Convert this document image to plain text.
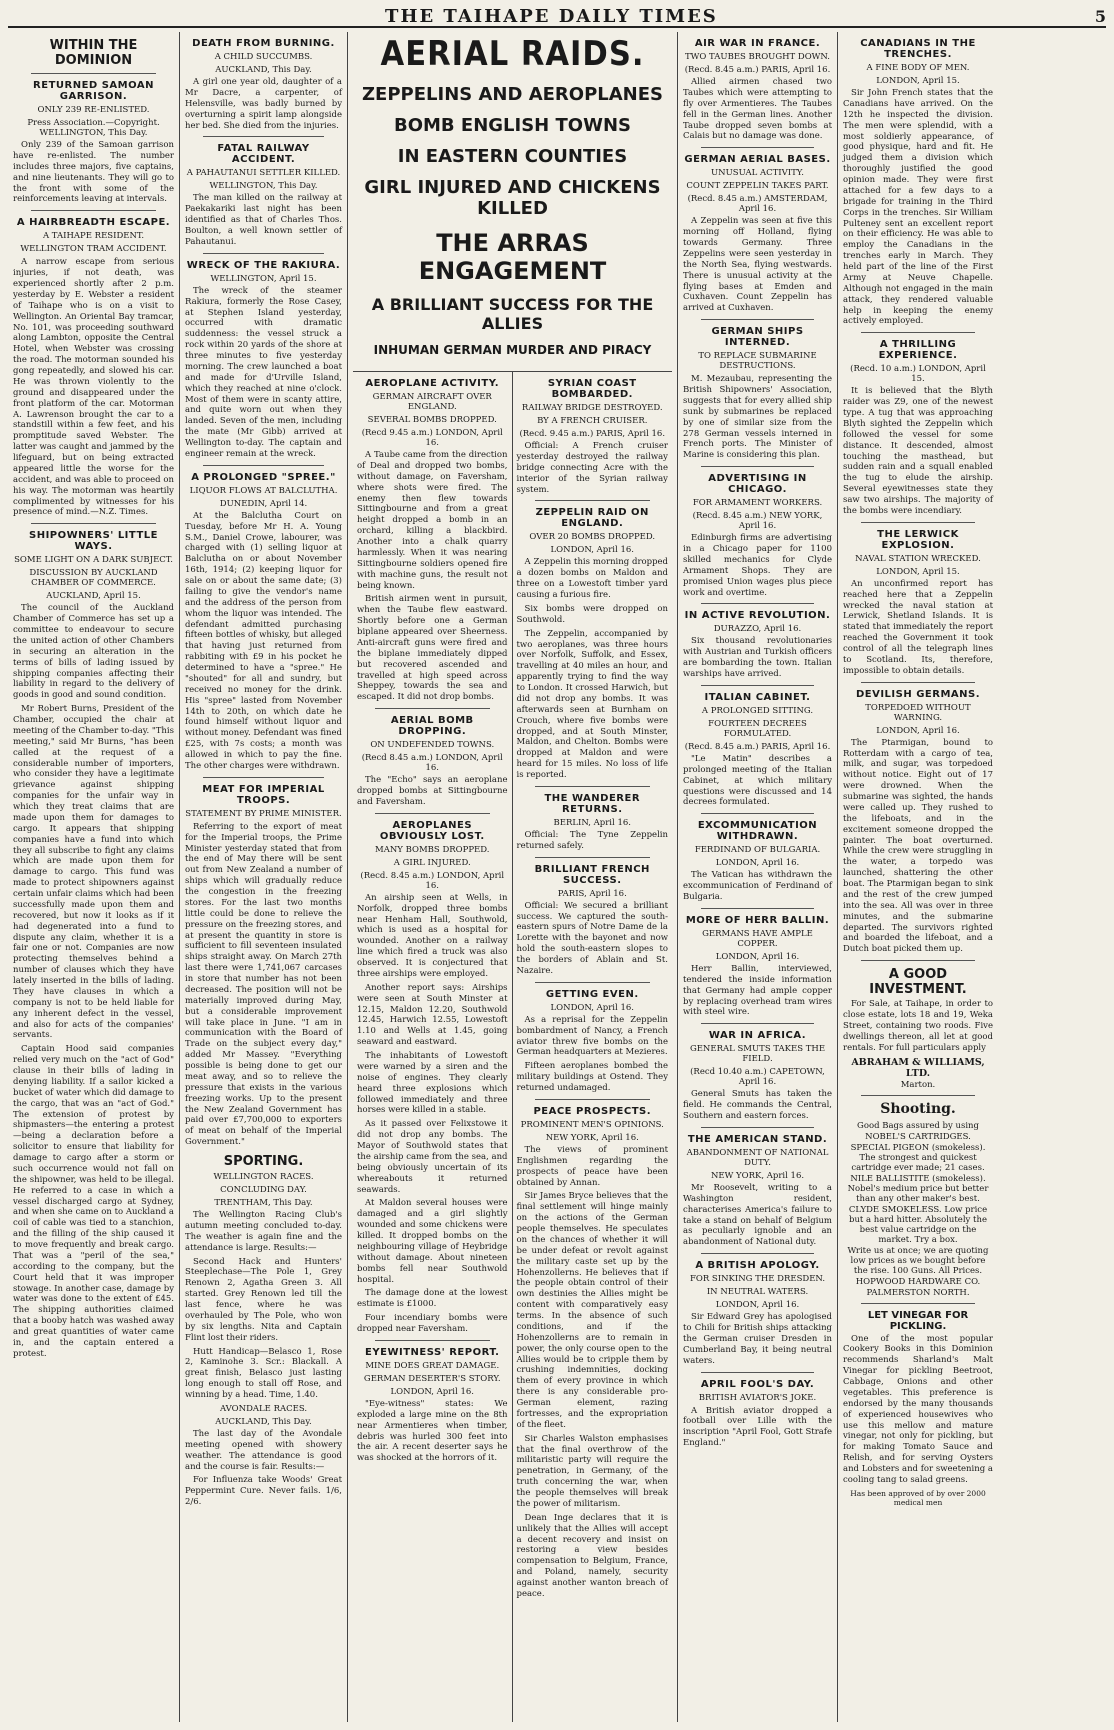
THE TAIHAPE DAILY TIMES	5
WITHIN THE DOMINION
RETURNED SAMOAN GARRISON.
ONLY 239 RE-ENLISTED.
Press Association.—Copyright. WELLINGTON, This Day.

Only 239 of the Samoan garrison have re-enlisted. The number includes three majors, five captains, and nine lieutenants. They will go to the front with some of the reinforcements leaving at intervals.

A HAIRBREADTH ESCAPE.
A TAIHAPE RESIDENT.
WELLINGTON TRAM ACCIDENT.

A narrow escape from serious injuries, if not death, was experienced shortly after 2 p.m. yesterday by E. Webster a resident of Taihape who is on a visit to Wellington. An Oriental Bay tramcar, No. 101, was proceeding southward along Lambton, opposite the Central Hotel, when Webster was crossing the road. The motorman sounded his gong repeatedly, and slowed his car. He was thrown violently to the ground and disappeared under the front platform of the car. Motorman A. Lawrenson brought the car to a standstill within a few feet, and his promptitude saved Webster. The latter was caught and jammed by the lifeguard, but on being extracted appeared little the worse for the accident, and was able to proceed on his way. The motorman was heartily complimented by witnesses for his presence of mind.—N.Z. Times.

SHIPOWNERS' LITTLE WAYS.
SOME LIGHT ON A DARK SUBJECT.
DISCUSSION BY AUCKLAND CHAMBER OF COMMERCE.
AUCKLAND, April 15.

The council of the Auckland Chamber of Commerce has set up a committee to endeavour to secure the united action of other Chambers in securing an alteration in the terms of bills of lading issued by shipping companies affecting their liability in regard to the delivery of goods in good and sound condition.

Mr Robert Burns, President of the Chamber, occupied the chair at meeting of the Chamber to-day. "This meeting," said Mr Burns, "has been called at the request of a considerable number of importers, who consider they have a legitimate grievance against shipping companies for the unfair way in which they treat claims that are made upon them for damages to cargo. It appears that shipping companies have a fund into which they all subscribe to fight any claims which are made upon them for damage to cargo. This fund was made to protect shipowners against certain unfair claims which had been successfully made upon them and recovered, but now it looks as if it had degenerated into a fund to dispute any claim, whether it is a fair one or not. Companies are now protecting themselves behind a number of clauses which they have lately inserted in the bills of lading. They have clauses in which a company is not to be held liable for any inherent defect in the vessel, and also for acts of the companies' servants.

Captain Hood said companies relied very much on the "act of God" clause in their bills of lading in denying liability. If a sailor kicked a bucket of water which did damage to the cargo, that was an "act of God." The extension of protest by shipmasters—the entering a protest—being a declaration before a solicitor to ensure that liability for damage to cargo after a storm or such occurrence would not fall on the shipowner, was held to be illegal. He referred to a case in which a vessel discharged cargo at Sydney, and when she came on to Auckland a coil of cable was tied to a stanchion, and the filling of the ship caused it to move frequently and break cargo. That was a "peril of the sea," according to the company, but the Court held that it was improper stowage. In another case, damage by water was done to the extent of £45. The shipping authorities claimed that a booby hatch was washed away and great quantities of water came in, and the captain entered a protest.

DEATH FROM BURNING.
A CHILD SUCCUMBS.
AUCKLAND, This Day.

A girl one year old, daughter of a Mr Dacre, a carpenter, of Helensville, was badly burned by overturning a spirit lamp alongside her bed. She died from the injuries.

FATAL RAILWAY ACCIDENT.
A PAHAUTANUI SETTLER KILLED.
WELLINGTON, This Day.

The man killed on the railway at Paekakariki last night has been identified as that of Charles Thos. Boulton, a well known settler of Pahautanui.

WRECK OF THE RAKIURA.
WELLINGTON, April 15.

The wreck of the steamer Rakiura, formerly the Rose Casey, at Stephen Island yesterday, occurred with dramatic suddenness: the vessel struck a rock within 20 yards of the shore at three minutes to five yesterday morning. The crew launched a boat and made for d'Urville Island, which they reached at nine o'clock. Most of them were in scanty attire, and quite worn out when they landed. Seven of the men, including the mate (Mr Gibb) arrived at Wellington to-day. The captain and engineer remain at the wreck.

A PROLONGED "SPREE."
LIQUOR FLOWS AT BALCLUTHA.
DUNEDIN, April 14.

At the Balclutha Court on Tuesday, before Mr H. A. Young S.M., Daniel Crowe, labourer, was charged with (1) selling liquor at Balclutha on or about November 16th, 1914; (2) keeping liquor for sale on or about the same date; (3) failing to give the vendor's name and the address of the person from whom the liquor was intended. The defendant admitted purchasing fifteen bottles of whisky, but alleged that having just returned from rabbiting with £9 in his pocket he determined to have a "spree." He "shouted" for all and sundry, but received no money for the drink. His "spree" lasted from November 14th to 20th, on which date he found himself without liquor and without money. Defendant was fined £25, with 7s costs; a month was allowed in which to pay the fine. The other charges were withdrawn.

MEAT FOR IMPERIAL TROOPS.
STATEMENT BY PRIME MINISTER.

Referring to the export of meat for the Imperial troops, the Prime Minister yesterday stated that from the end of May there will be sent out from New Zealand a number of ships which will gradually reduce the congestion in the freezing stores. For the last two months little could be done to relieve the pressure on the freezing stores, and at present the quantity in store is sufficient to fill seventeen insulated ships straight away. On March 27th last there were 1,741,067 carcases in store that number has not been decreased. The position will not be materially improved during May, but a considerable improvement will take place in June. "I am in communication with the Board of Trade on the subject every day," added Mr Massey. "Everything possible is being done to get our meat away, and so to relieve the pressure that exists in the various freezing works. Up to the present the New Zealand Government has paid over £7,700,000 to exporters of meat on behalf of the Imperial Government."

SPORTING.
WELLINGTON RACES.
CONCLUDING DAY.
TRENTHAM, This Day.

The Wellington Racing Club's autumn meeting concluded to-day. The weather is again fine and the attendance is large. Results:—

Second Hack and Hunters' Steeplechase—The Pole 1, Grey Renown 2, Agatha Green 3. All started. Grey Renown led till the last fence, where he was overhauled by The Pole, who won by six lengths. Nita and Captain Flint lost their riders.

Hutt Handicap—Belasco 1, Rose 2, Kaminohe 3. Scr.: Blackall. A great finish, Belasco just lasting long enough to stall off Rose, and winning by a head. Time, 1.40.

AVONDALE RACES.
AUCKLAND, This Day.

The last day of the Avondale meeting opened with showery weather. The attendance is good and the course is fair. Results:—

For Influenza take Woods' Great Peppermint Cure. Never fails. 1/6, 2/6.

AERIAL RAIDS.
ZEPPELINS AND AEROPLANES
BOMB ENGLISH TOWNS
IN EASTERN COUNTIES
GIRL INJURED AND CHICKENS KILLED
THE ARRAS ENGAGEMENT
A BRILLIANT SUCCESS FOR THE ALLIES
INHUMAN GERMAN MURDER AND PIRACY
AEROPLANE ACTIVITY.
GERMAN AIRCRAFT OVER ENGLAND.
SEVERAL BOMBS DROPPED.
(Recd 9.45 a.m.) LONDON, April 16.

A Taube came from the direction of Deal and dropped two bombs, without damage, on Faversham, where shots were fired. The enemy then flew towards Sittingbourne and from a great height dropped a bomb in an orchard, killing a blackbird. Another into a chalk quarry harmlessly. When it was nearing Sittingbourne soldiers opened fire with machine guns, the result not being known.

British airmen went in pursuit, when the Taube flew eastward. Shortly before one a German biplane appeared over Sheerness. Anti-aircraft guns were fired and the biplane immediately dipped but recovered ascended and travelled at high speed across Sheppey, towards the sea and escaped. It did not drop bombs.

AERIAL BOMB DROPPING.
ON UNDEFENDED TOWNS.
(Recd 8.45 a.m.) LONDON, April 16.

The "Echo" says an aeroplane dropped bombs at Sittingbourne and Faversham.

AEROPLANES OBVIOUSLY LOST.
MANY BOMBS DROPPED.
A GIRL INJURED.
(Recd. 8.45 a.m.) LONDON, April 16.

An airship seen at Wells, in Norfolk, dropped three bombs near Henham Hall, Southwold, which is used as a hospital for wounded. Another on a railway line which fired a truck was also observed. It is conjectured that three airships were employed.

Another report says: Airships were seen at South Minster at 12.15, Maldon 12.20, Southwold 12.45, Harwich 12.55, Lowestoft 1.10 and Wells at 1.45, going seaward and eastward.

The inhabitants of Lowestoft were warned by a siren and the noise of engines. They clearly heard three explosions which followed immediately and three horses were killed in a stable.

As it passed over Felixstowe it did not drop any bombs. The Mayor of Southwold states that the airship came from the sea, and being obviously uncertain of its whereabouts it returned seawards.

At Maldon several houses were damaged and a girl slightly wounded and some chickens were killed. It dropped bombs on the neighbouring village of Heybridge without damage. About nineteen bombs fell near Southwold hospital.

The damage done at the lowest estimate is £1000.

Four incendiary bombs were dropped near Faversham.

EYEWITNESS' REPORT.
MINE DOES GREAT DAMAGE.
GERMAN DESERTER'S STORY.
LONDON, April 16.

"Eye-witness" states: We exploded a large mine on the 8th near Armentieres when timber, debris was hurled 300 feet into the air. A recent deserter says he was shocked at the horrors of it.

SYRIAN COAST BOMBARDED.
RAILWAY BRIDGE DESTROYED.
BY A FRENCH CRUISER.
(Recd. 9.45 a.m.) PARIS, April 16.

Official: A French cruiser yesterday destroyed the railway bridge connecting Acre with the interior of the Syrian railway system.

ZEPPELIN RAID ON ENGLAND.
OVER 20 BOMBS DROPPED.
LONDON, April 16.

A Zeppelin this morning dropped a dozen bombs on Maldon and three on a Lowestoft timber yard causing a furious fire.

Six bombs were dropped on Southwold.

The Zeppelin, accompanied by two aeroplanes, was three hours over Norfolk, Suffolk, and Essex, travelling at 40 miles an hour, and apparently trying to find the way to London. It crossed Harwich, but did not drop any bombs. It was afterwards seen at Burnham on Crouch, where five bombs were dropped, and at South Minster, Maldon, and Chelton. Bombs were dropped at Maldon and were heard for 15 miles. No loss of life is reported.

THE WANDERER RETURNS.
BERLIN, April 16.

Official: The Tyne Zeppelin returned safely.

BRILLIANT FRENCH SUCCESS.
PARIS, April 16.

Official: We secured a brilliant success. We captured the south-eastern spurs of Notre Dame de la Lorette with the bayonet and now hold the south-eastern slopes to the borders of Ablain and St. Nazaire.

GETTING EVEN.
LONDON, April 16.

As a reprisal for the Zeppelin bombardment of Nancy, a French aviator threw five bombs on the German headquarters at Mezieres.

Fifteen aeroplanes bombed the military buildings at Ostend. They returned undamaged.

PEACE PROSPECTS.
PROMINENT MEN'S OPINIONS.
NEW YORK, April 16.

The views of prominent Englishmen regarding the prospects of peace have been obtained by Annan.

Sir James Bryce believes that the final settlement will hinge mainly on the actions of the German people themselves. He speculates on the chances of whether it will be under defeat or revolt against the military caste set up by the Hohenzollerns. He believes that if the people obtain control of their own destinies the Allies might be content with comparatively easy terms. In the absence of such conditions, and if the Hohenzollerns are to remain in power, the only course open to the Allies would be to cripple them by crushing indemnities, docking them of every province in which there is any considerable pro-German element, razing fortresses, and the expropriation of the fleet.

Sir Charles Walston emphasises that the final overthrow of the militaristic party will require the penetration, in Germany, of the truth concerning the war, when the people themselves will break the power of militarism.

Dean Inge declares that it is unlikely that the Allies will accept a decent recovery and insist on restoring a view besides compensation to Belgium, France, and Poland, namely, security against another wanton breach of peace.

AIR WAR IN FRANCE.
TWO TAUBES BROUGHT DOWN.
(Recd. 8.45 a.m.) PARIS, April 16.

Allied airmen chased two Taubes which were attempting to fly over Armentieres. The Taubes fell in the German lines. Another Taube dropped seven bombs at Calais but no damage was done.

GERMAN AERIAL BASES.
UNUSUAL ACTIVITY.
COUNT ZEPPELIN TAKES PART.
(Recd. 8.45 a.m.) AMSTERDAM, April 16.

A Zeppelin was seen at five this morning off Holland, flying towards Germany. Three Zeppelins were seen yesterday in the North Sea, flying westwards. There is unusual activity at the flying bases at Emden and Cuxhaven. Count Zeppelin has arrived at Cuxhaven.

GERMAN SHIPS INTERNED.
TO REPLACE SUBMARINE DESTRUCTIONS.

M. Mezaubau, representing the British Shipowners' Association, suggests that for every allied ship sunk by submarines be replaced by one of similar size from the 278 German vessels interned in French ports. The Minister of Marine is considering this plan.

ADVERTISING IN CHICAGO.
FOR ARMAMENT WORKERS.
(Recd. 8.45 a.m.) NEW YORK, April 16.

Edinburgh firms are advertising in a Chicago paper for 1100 skilled mechanics for Clyde Armament Shops. They are promised Union wages plus piece work and overtime.

IN ACTIVE REVOLUTION.
DURAZZO, April 16.

Six thousand revolutionaries with Austrian and Turkish officers are bombarding the town. Italian warships have arrived.

ITALIAN CABINET.
A PROLONGED SITTING.
FOURTEEN DECREES FORMULATED.
(Recd. 8.45 a.m.) PARIS, April 16.

"Le Matin" describes a prolonged meeting of the Italian Cabinet, at which military questions were discussed and 14 decrees formulated.

EXCOMMUNICATION WITHDRAWN.
FERDINAND OF BULGARIA.
LONDON, April 16.

The Vatican has withdrawn the excommunication of Ferdinand of Bulgaria.

MORE OF HERR BALLIN.
GERMANS HAVE AMPLE COPPER.
LONDON, April 16.

Herr Ballin, interviewed, tendered the inside information that Germany had ample copper by replacing overhead tram wires with steel wire.

WAR IN AFRICA.
GENERAL SMUTS TAKES THE FIELD.
(Recd 10.40 a.m.) CAPETOWN, April 16.

General Smuts has taken the field. He commands the Central, Southern and eastern forces.

THE AMERICAN STAND.
ABANDONMENT OF NATIONAL DUTY.
NEW YORK, April 16.

Mr Roosevelt, writing to a Washington resident, characterises America's failure to take a stand on behalf of Belgium as peculiarly ignoble and an abandonment of National duty.

A BRITISH APOLOGY.
FOR SINKING THE DRESDEN.
IN NEUTRAL WATERS.
LONDON, April 16.

Sir Edward Grey has apologised to Chili for British ships attacking the German cruiser Dresden in Cumberland Bay, it being neutral waters.

APRIL FOOL'S DAY.
BRITISH AVIATOR'S JOKE.

A British aviator dropped a football over Lille with the inscription "April Fool, Gott Strafe England."

CANADIANS IN THE TRENCHES.
A FINE BODY OF MEN.
LONDON, April 15.

Sir John French states that the Canadians have arrived. On the 12th he inspected the division. The men were splendid, with a most soldierly appearance, of good physique, hard and fit. He judged them a division which thoroughly justified the good opinion made. They were first attached for a few days to a brigade for training in the Third Corps in the trenches. Sir William Pulteney sent an excellent report on their efficiency. He was able to employ the Canadians in the trenches early in March. They held part of the line of the First Army at Neuve Chapelle. Although not engaged in the main attack, they rendered valuable help in keeping the enemy actively employed.

A THRILLING EXPERIENCE.
(Recd. 10 a.m.) LONDON, April 15.

It is believed that the Blyth raider was Z9, one of the newest type. A tug that was approaching Blyth sighted the Zeppelin which followed the vessel for some distance. It descended, almost touching the masthead, but sudden rain and a squall enabled the tug to elude the airship. Several eyewitnesses state they saw two airships. The majority of the bombs were incendiary.

THE LERWICK EXPLOSION.
NAVAL STATION WRECKED.
LONDON, April 15.

An unconfirmed report has reached here that a Zeppelin wrecked the naval station at Lerwick, Shetland Islands. It is stated that immediately the report reached the Government it took control of all the telegraph lines to Scotland. Its, therefore, impossible to obtain details.

DEVILISH GERMANS.
TORPEDOED WITHOUT WARNING.
LONDON, April 16.

The Ptarmigan, bound to Rotterdam with a cargo of tea, milk, and sugar, was torpedoed without notice. Eight out of 17 were drowned. When the submarine was sighted, the hands were called up. They rushed to the lifeboats, and in the excitement someone dropped the painter. The boat overturned. While the crew were struggling in the water, a torpedo was launched, shattering the other boat. The Ptarmigan began to sink and the rest of the crew jumped into the sea. All was over in three minutes, and the submarine departed. The survivors righted and boarded the lifeboat, and a Dutch boat picked them up.

A GOOD INVESTMENT.

For Sale, at Taihape, in order to close estate, lots 18 and 19, Weka Street, containing two roods. Five dwellings thereon, all let at good rentals. For full particulars apply

ABRAHAM & WILLIAMS, LTD.
Marton.
Shooting.
Good Bags assured by using
NOBEL'S CARTRIDGES.
SPECIAL PIGEON (smokeless). The strongest and quickest cartridge ever made; 21 cases.
NILE BALLISTITE (smokeless). Nobel's medium price but better than any other maker's best.
CLYDE SMOKELESS. Low price but a hard hitter. Absolutely the best value cartridge on the market. Try a box.
Write us at once; we are quoting low prices as we bought before the rise. 100 Guns. All Prices.
HOPWOOD HARDWARE CO.
PALMERSTON NORTH.
LET VINEGAR FOR PICKLING.

One of the most popular Cookery Books in this Dominion recommends Sharland's Malt Vinegar for pickling Beetroot, Cabbage, Onions and other vegetables. This preference is endorsed by the many thousands of experienced housewives who use this mellow and mature vinegar, not only for pickling, but for making Tomato Sauce and Relish, and for serving Oysters and Lobsters and for sweetening a cooling tang to salad greens.

Has been approved of by over 2000 medical men
